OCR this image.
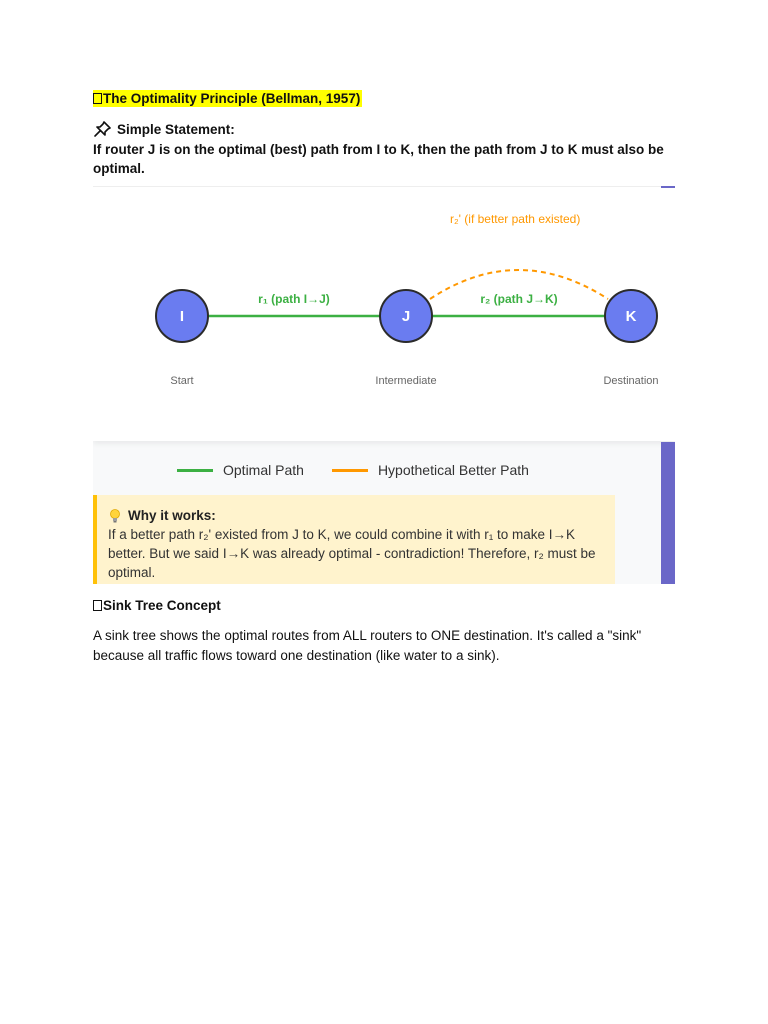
The Optimality Principle (Bellman, 1957)
Simple Statement:
If router J is on the optimal (best) path from I to K, then the path from J to K must also be optimal.
r₂' (if better path existed)
r₁ (path I→J)	r₂ (path J→K)
I	J	K
Start	Intermediate	Destination
Optimal Path	Hypothetical Better Path
Why it works:
If a better path r₂' existed from J to K, we could combine it with r₁ to make I→K better. But we said I→K was already optimal - contradiction! Therefore, r₂ must be optimal.
Sink Tree Concept
A sink tree shows the optimal routes from ALL routers to ONE destination. It's called a "sink" because all traffic flows toward one destination (like water to a sink).
